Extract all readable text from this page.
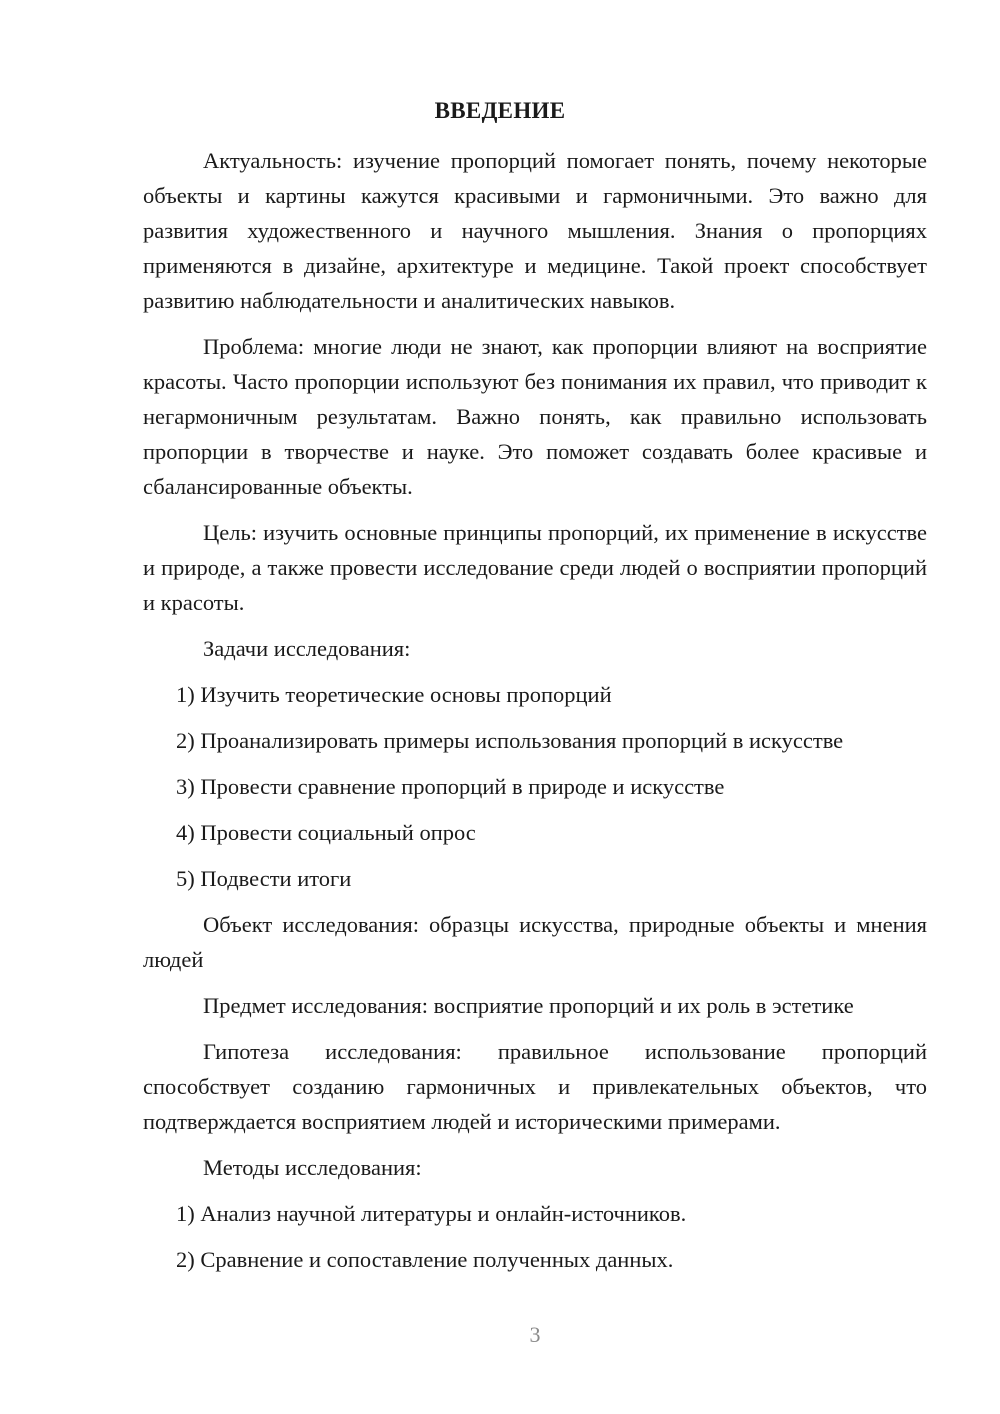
ВВЕДЕНИЕ

Актуальность: изучение пропорций помогает понять, почему некоторые объекты и картины кажутся красивыми и гармоничными. Это важно для развития художественного и научного мышления. Знания о пропорциях применяются в дизайне, архитектуре и медицине. Такой проект способствует развитию наблюдательности и аналитических навыков.

Проблема: многие люди не знают, как пропорции влияют на восприятие красоты. Часто пропорции используют без понимания их правил, что приводит к негармоничным результатам. Важно понять, как правильно использовать пропорции в творчестве и науке. Это поможет создавать более красивые и сбалансированные объекты.

Цель: изучить основные принципы пропорций, их применение в искусстве и природе, а также провести исследование среди людей о восприятии пропорций и красоты.

Задачи исследования:

1) Изучить теоретические основы пропорций

2) Проанализировать примеры использования пропорций в искусстве

3) Провести сравнение пропорций в природе и искусстве

4) Провести социальный опрос

5) Подвести итоги

Объект исследования: образцы искусства, природные объекты и мнения людей

Предмет исследования: восприятие пропорций и их роль в эстетике

Гипотеза исследования: правильное использование пропорций способствует созданию гармоничных и привлекательных объектов, что подтверждается восприятием людей и историческими примерами.

Методы исследования:

1) Анализ научной литературы и онлайн-источников.

2) Сравнение и сопоставление полученных данных.

3
